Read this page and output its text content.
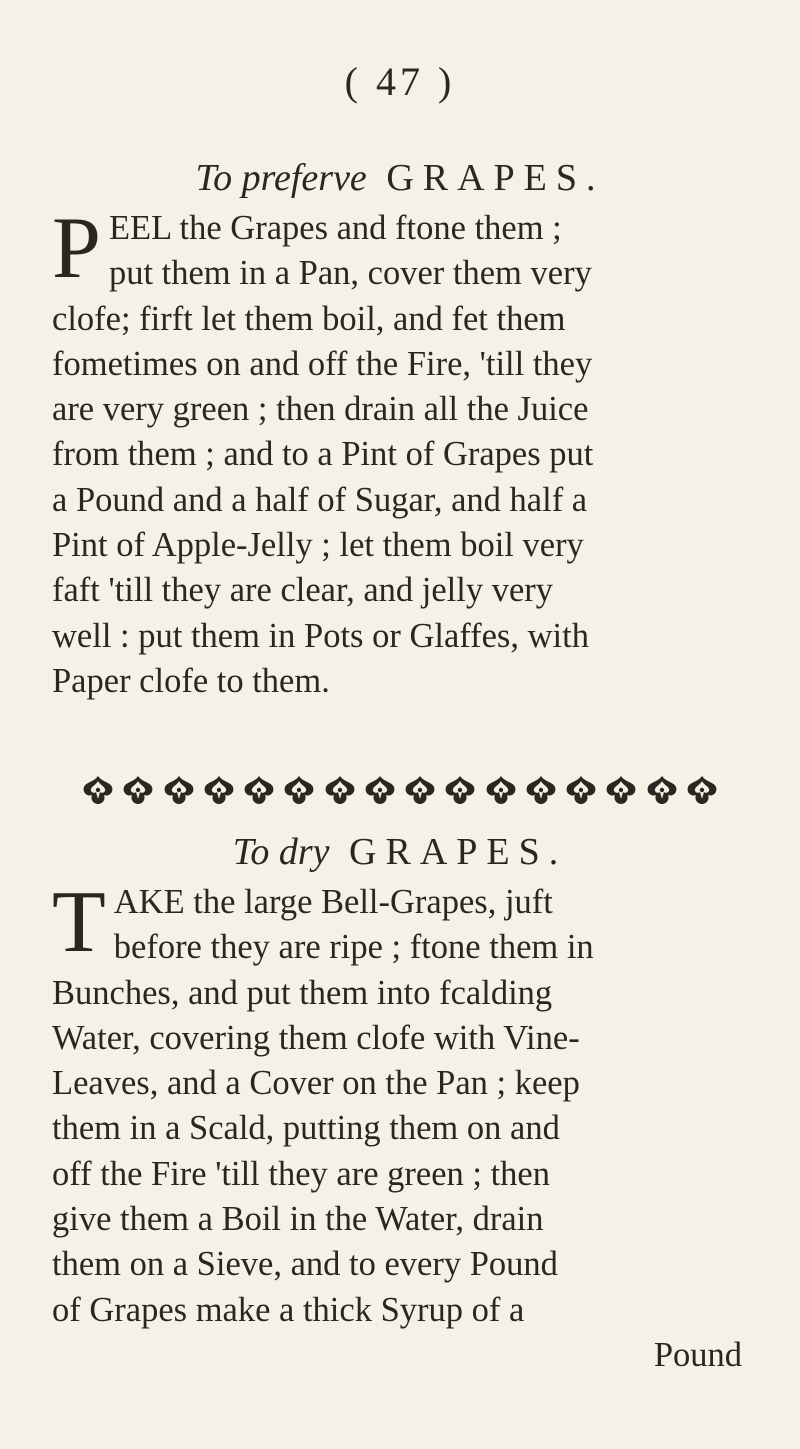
( 47 )
To preferve GRAPES.

P EEL the Grapes and ftone them ;
put them in a Pan, cover them very
clofe; firft let them boil, and fet them
fometimes on and off the Fire, 'till they
are very green ; then drain all the Juice
from them ; and to a Pint of Grapes put
a Pound and a half of Sugar, and half a
Pint of Apple-Jelly ; let them boil very
faft 'till they are clear, and jelly very
well : put them in Pots or Glaffes, with
Paper clofe to them.

To dry GRAPES.

T AKE the large Bell-Grapes, juft
before they are ripe ; ftone them in
Bunches, and put them into fcalding
Water, covering them clofe with Vine-
Leaves, and a Cover on the Pan ; keep
them in a Scald, putting them on and
off the Fire 'till they are green ; then
give them a Boil in the Water, drain
them on a Sieve, and to every Pound
of Grapes make a thick Syrup of a
Pound
